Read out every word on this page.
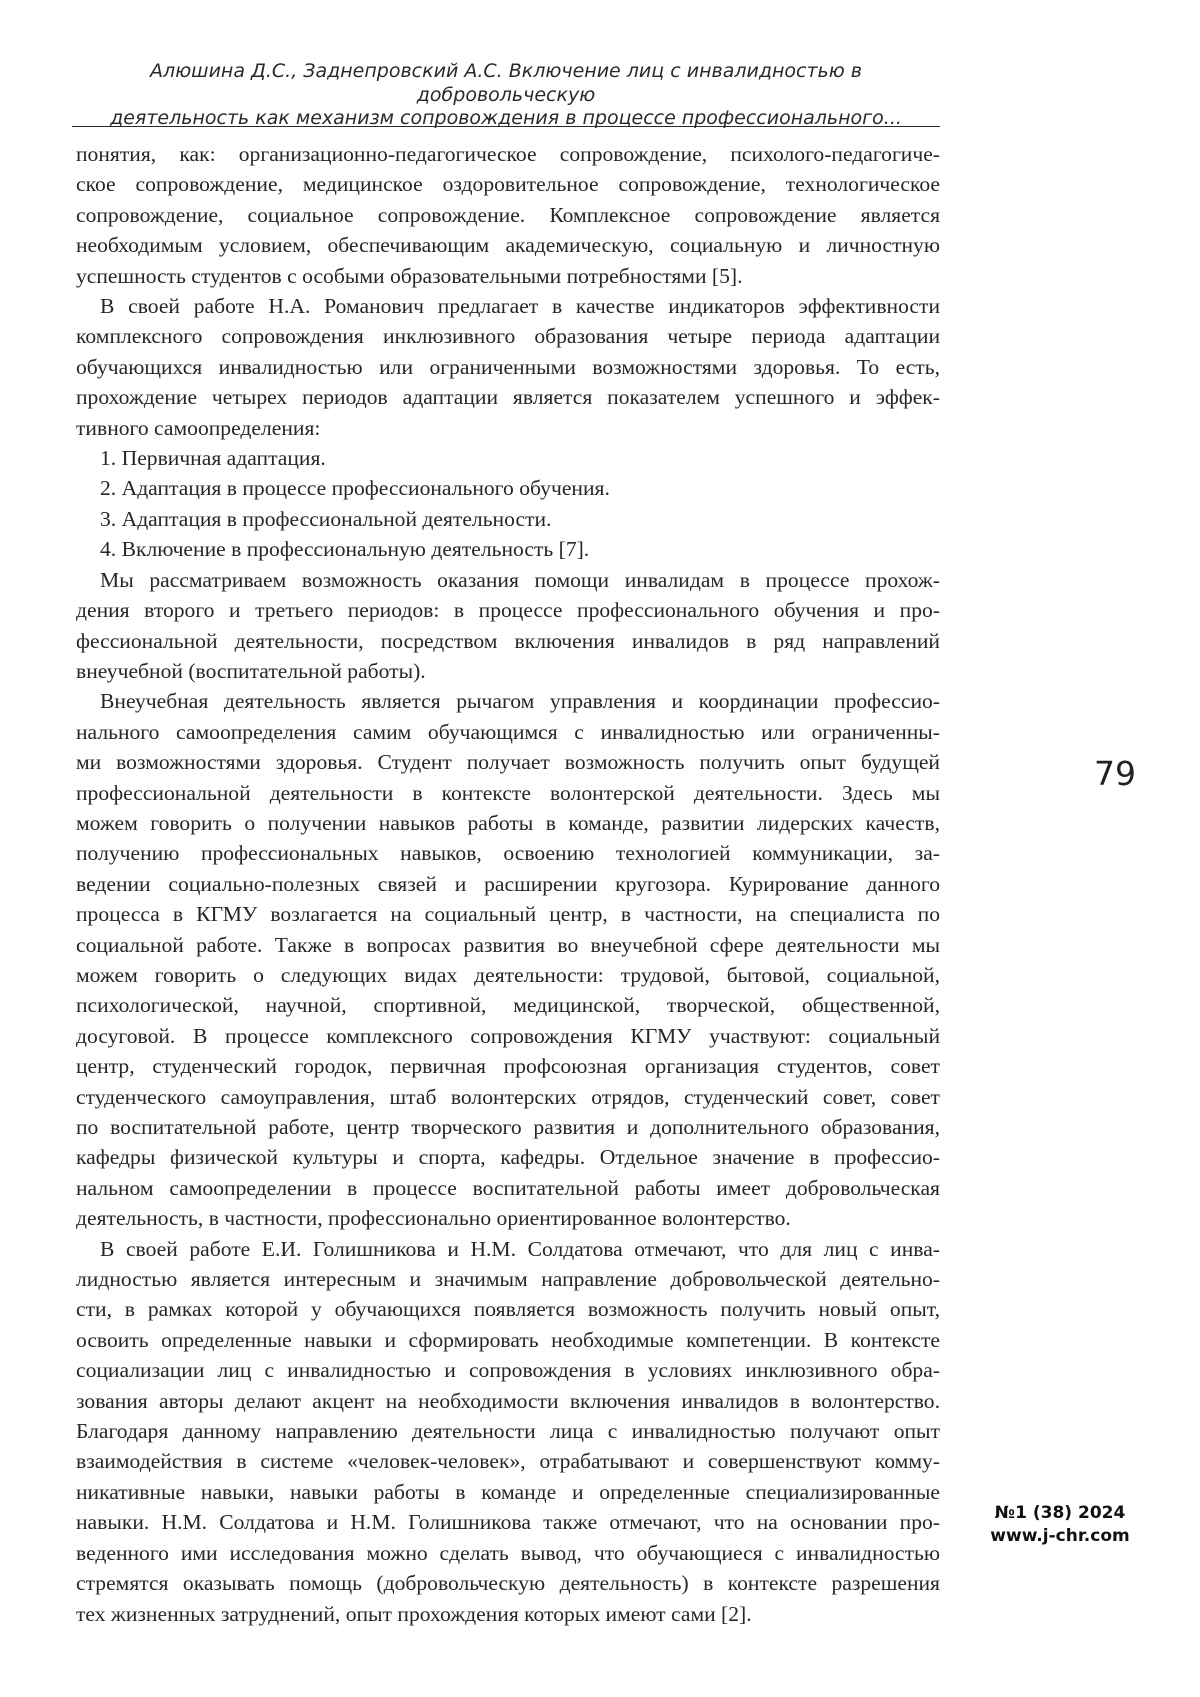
Алюшина Д.С., Заднепровский А.С. Включение лиц с инвалидностью в добровольческую
деятельность как механизм сопровождения в процессе профессионального...

понятия, как: организационно-педагогическое сопровождение, психолого-педагогиче-

ское сопровождение, медицинское оздоровительное сопровождение, технологическое

сопровождение, социальное сопровождение. Комплексное сопровождение является

необходимым условием, обеспечивающим академическую, социальную и личностную

успешность студентов с особыми образовательными потребностями [5].

В своей работе Н.А. Романович предлагает в качестве индикаторов эффективности

комплексного сопровождения инклюзивного образования четыре периода адаптации

обучающихся инвалидностью или ограниченными возможностями здоровья. То есть,

прохождение четырех периодов адаптации является показателем успешного и эффек-

тивного самоопределения:

1. Первичная адаптация.

2. Адаптация в процессе профессионального обучения.

3. Адаптация в профессиональной деятельности.

4. Включение в профессиональную деятельность [7].

Мы рассматриваем возможность оказания помощи инвалидам в процессе прохож-

дения второго и третьего периодов: в процессе профессионального обучения и про-

фессиональной деятельности, посредством включения инвалидов в ряд направлений

внеучебной (воспитательной работы).

Внеучебная деятельность является рычагом управления и координации профессио-

нального самоопределения самим обучающимся с инвалидностью или ограниченны-

ми возможностями здоровья. Студент получает возможность получить опыт будущей

профессиональной деятельности в контексте волонтерской деятельности. Здесь мы

можем говорить о получении навыков работы в команде, развитии лидерских качеств,

получению профессиональных навыков, освоению технологией коммуникации, за-

ведении социально-полезных связей и расширении кругозора. Курирование данного

процесса в КГМУ возлагается на социальный центр, в частности, на специалиста по

социальной работе. Также в вопросах развития во внеучебной сфере деятельности мы

можем говорить о следующих видах деятельности: трудовой, бытовой, социальной,

психологической, научной, спортивной, медицинской, творческой, общественной,

досуговой. В процессе комплексного сопровождения КГМУ участвуют: социальный

центр, студенческий городок, первичная профсоюзная организация студентов, совет

студенческого самоуправления, штаб волонтерских отрядов, студенческий совет, совет

по воспитательной работе, центр творческого развития и дополнительного образования,

кафедры физической культуры и спорта, кафедры. Отдельное значение в профессио-

нальном самоопределении в процессе воспитательной работы имеет добровольческая

деятельность, в частности, профессионально ориентированное волонтерство.

В своей работе Е.И. Голишникова и Н.М. Солдатова отмечают, что для лиц с инва-

лидностью является интересным и значимым направление добровольческой деятельно-

сти, в рамках которой у обучающихся появляется возможность получить новый опыт,

освоить определенные навыки и сформировать необходимые компетенции. В контексте

социализации лиц с инвалидностью и сопровождения в условиях инклюзивного обра-

зования авторы делают акцент на необходимости включения инвалидов в волонтерство.

Благодаря данному направлению деятельности лица с инвалидностью получают опыт

взаимодействия в системе «человек-человек», отрабатывают и совершенствуют комму-

никативные навыки, навыки работы в команде и определенные специализированные

навыки. Н.М. Солдатова и Н.М. Голишникова также отмечают, что на основании про-

веденного ими исследования можно сделать вывод, что обучающиеся с инвалидностью

стремятся оказывать помощь (добровольческую деятельность) в контексте разрешения

тех жизненных затруднений, опыт прохождения которых имеют сами [2].

79
№1 (38) 2024
www.j-chr.com
